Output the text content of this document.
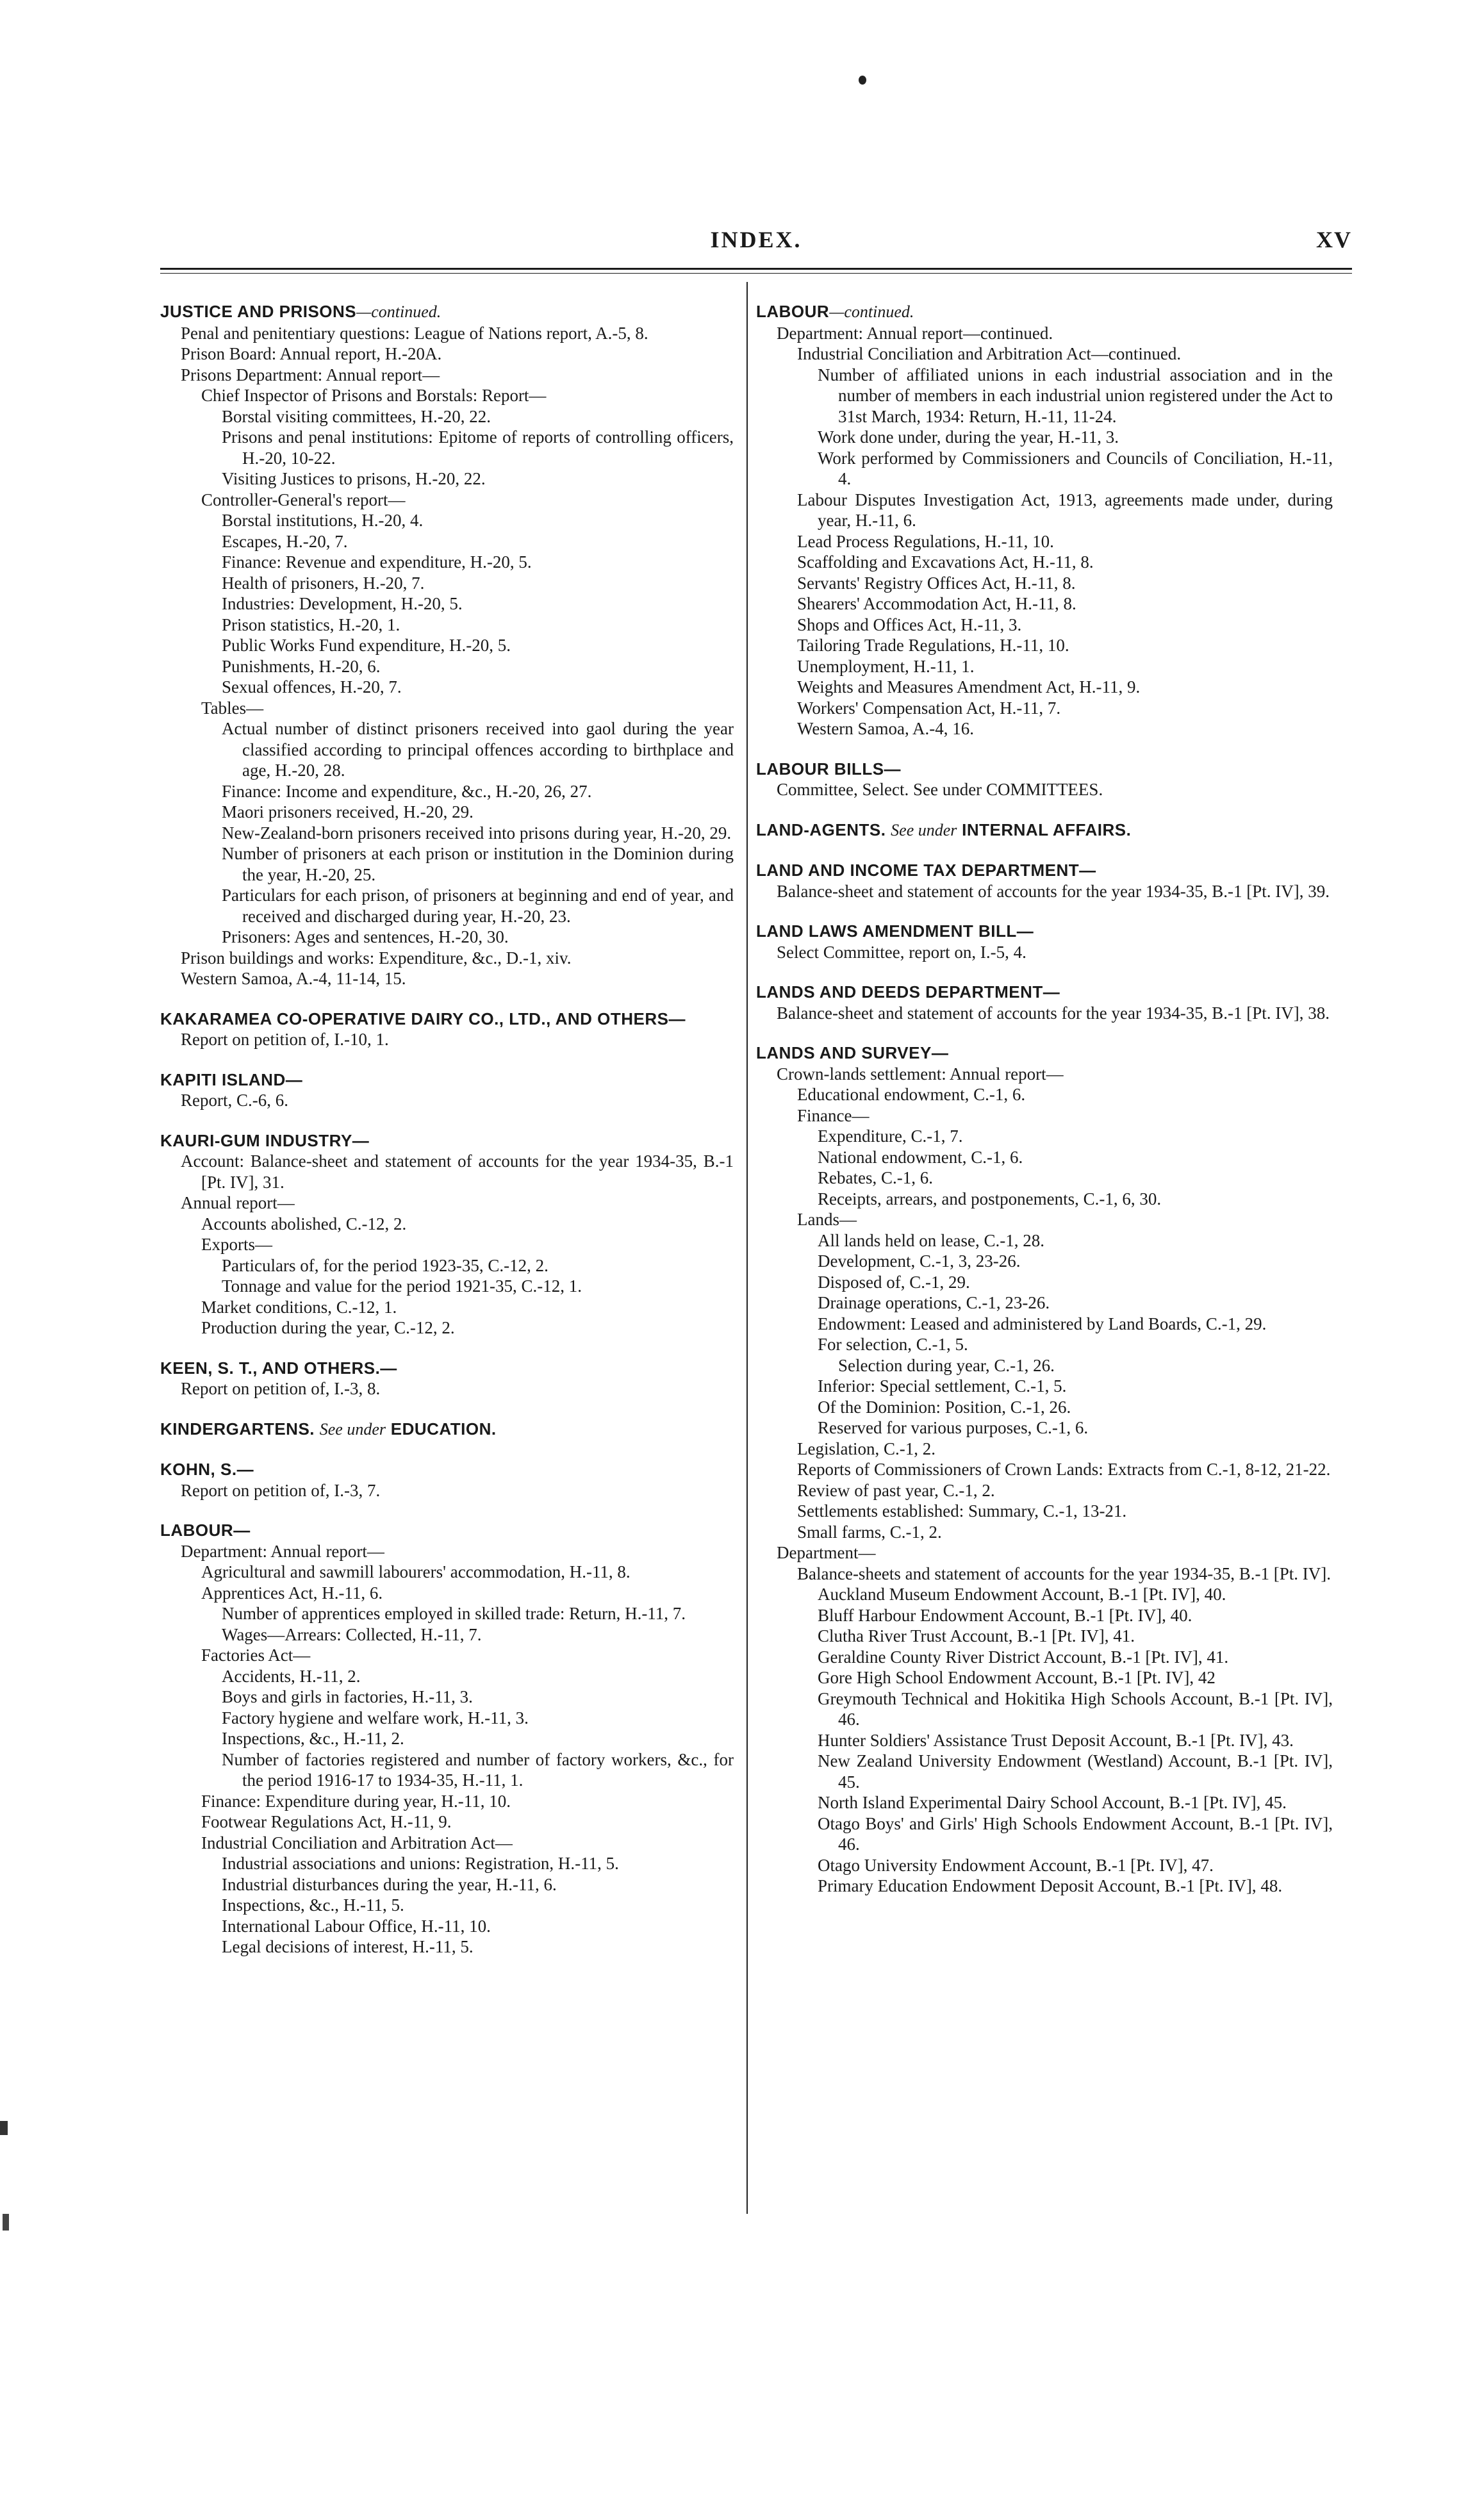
INDEX.	XV
JUSTICE AND PRISONS—continued.
Penal and penitentiary questions: League of Nations report, A.-5, 8.
Prison Board: Annual report, H.-20A.
Prisons Department: Annual report—
Chief Inspector of Prisons and Borstals: Report—
Borstal visiting committees, H.-20, 22.
Prisons and penal institutions: Epitome of reports of controlling officers, H.-20, 10-22.
Visiting Justices to prisons, H.-20, 22.
Controller-General's report—
Borstal institutions, H.-20, 4.
Escapes, H.-20, 7.
Finance: Revenue and expenditure, H.-20, 5.
Health of prisoners, H.-20, 7.
Industries: Development, H.-20, 5.
Prison statistics, H.-20, 1.
Public Works Fund expenditure, H.-20, 5.
Punishments, H.-20, 6.
Sexual offences, H.-20, 7.
Tables—
Actual number of distinct prisoners received into gaol during the year classified according to principal offences according to birthplace and age, H.-20, 28.
Finance: Income and expenditure, &c., H.-20, 26, 27.
Maori prisoners received, H.-20, 29.
New-Zealand-born prisoners received into prisons during year, H.-20, 29.
Number of prisoners at each prison or institution in the Dominion during the year, H.-20, 25.
Particulars for each prison, of prisoners at beginning and end of year, and received and discharged during year, H.-20, 23.
Prisoners: Ages and sentences, H.-20, 30.
Prison buildings and works: Expenditure, &c., D.-1, xiv.
Western Samoa, A.-4, 11-14, 15.
KAKARAMEA CO-OPERATIVE DAIRY CO., LTD., AND OTHERS—
Report on petition of, I.-10, 1.
KAPITI ISLAND—
Report, C.-6, 6.
KAURI-GUM INDUSTRY—
Account: Balance-sheet and statement of accounts for the year 1934-35, B.-1 [Pt. IV], 31.
Annual report—
Accounts abolished, C.-12, 2.
Exports—
Particulars of, for the period 1923-35, C.-12, 2.
Tonnage and value for the period 1921-35, C.-12, 1.
Market conditions, C.-12, 1.
Production during the year, C.-12, 2.
KEEN, S. T., AND OTHERS.—
Report on petition of, I.-3, 8.
KINDERGARTENS. See under EDUCATION.
KOHN, S.—
Report on petition of, I.-3, 7.
LABOUR—
Department: Annual report—
Agricultural and sawmill labourers' accommodation, H.-11, 8.
Apprentices Act, H.-11, 6.
Number of apprentices employed in skilled trade: Return, H.-11, 7.
Wages—Arrears: Collected, H.-11, 7.
Factories Act—
Accidents, H.-11, 2.
Boys and girls in factories, H.-11, 3.
Factory hygiene and welfare work, H.-11, 3.
Inspections, &c., H.-11, 2.
Number of factories registered and number of factory workers, &c., for the period 1916-17 to 1934-35, H.-11, 1.
Finance: Expenditure during year, H.-11, 10.
Footwear Regulations Act, H.-11, 9.
Industrial Conciliation and Arbitration Act—
Industrial associations and unions: Registration, H.-11, 5.
Industrial disturbances during the year, H.-11, 6.
Inspections, &c., H.-11, 5.
International Labour Office, H.-11, 10.
Legal decisions of interest, H.-11, 5.
LABOUR—continued.
Department: Annual report—continued.
Industrial Conciliation and Arbitration Act—continued.
Number of affiliated unions in each industrial association and in the number of members in each industrial union registered under the Act to 31st March, 1934: Return, H.-11, 11-24.
Work done under, during the year, H.-11, 3.
Work performed by Commissioners and Councils of Conciliation, H.-11, 4.
Labour Disputes Investigation Act, 1913, agreements made under, during year, H.-11, 6.
Lead Process Regulations, H.-11, 10.
Scaffolding and Excavations Act, H.-11, 8.
Servants' Registry Offices Act, H.-11, 8.
Shearers' Accommodation Act, H.-11, 8.
Shops and Offices Act, H.-11, 3.
Tailoring Trade Regulations, H.-11, 10.
Unemployment, H.-11, 1.
Weights and Measures Amendment Act, H.-11, 9.
Workers' Compensation Act, H.-11, 7.
Western Samoa, A.-4, 16.
LABOUR BILLS—
Committee, Select. See under COMMITTEES.
LAND-AGENTS. See under INTERNAL AFFAIRS.
LAND AND INCOME TAX DEPARTMENT—
Balance-sheet and statement of accounts for the year 1934-35, B.-1 [Pt. IV], 39.
LAND LAWS AMENDMENT BILL—
Select Committee, report on, I.-5, 4.
LANDS AND DEEDS DEPARTMENT—
Balance-sheet and statement of accounts for the year 1934-35, B.-1 [Pt. IV], 38.
LANDS AND SURVEY—
Crown-lands settlement: Annual report—
Educational endowment, C.-1, 6.
Finance—
Expenditure, C.-1, 7.
National endowment, C.-1, 6.
Rebates, C.-1, 6.
Receipts, arrears, and postponements, C.-1, 6, 30.
Lands—
All lands held on lease, C.-1, 28.
Development, C.-1, 3, 23-26.
Disposed of, C.-1, 29.
Drainage operations, C.-1, 23-26.
Endowment: Leased and administered by Land Boards, C.-1, 29.
For selection, C.-1, 5.
Selection during year, C.-1, 26.
Inferior: Special settlement, C.-1, 5.
Of the Dominion: Position, C.-1, 26.
Reserved for various purposes, C.-1, 6.
Legislation, C.-1, 2.
Reports of Commissioners of Crown Lands: Extracts from C.-1, 8-12, 21-22.
Review of past year, C.-1, 2.
Settlements established: Summary, C.-1, 13-21.
Small farms, C.-1, 2.
Department—
Balance-sheets and statement of accounts for the year 1934-35, B.-1 [Pt. IV].
Auckland Museum Endowment Account, B.-1 [Pt. IV], 40.
Bluff Harbour Endowment Account, B.-1 [Pt. IV], 40.
Clutha River Trust Account, B.-1 [Pt. IV], 41.
Geraldine County River District Account, B.-1 [Pt. IV], 41.
Gore High School Endowment Account, B.-1 [Pt. IV], 42
Greymouth Technical and Hokitika High Schools Account, B.-1 [Pt. IV], 46.
Hunter Soldiers' Assistance Trust Deposit Account, B.-1 [Pt. IV], 43.
New Zealand University Endowment (Westland) Account, B.-1 [Pt. IV], 45.
North Island Experimental Dairy School Account, B.-1 [Pt. IV], 45.
Otago Boys' and Girls' High Schools Endowment Account, B.-1 [Pt. IV], 46.
Otago University Endowment Account, B.-1 [Pt. IV], 47.
Primary Education Endowment Deposit Account, B.-1 [Pt. IV], 48.
